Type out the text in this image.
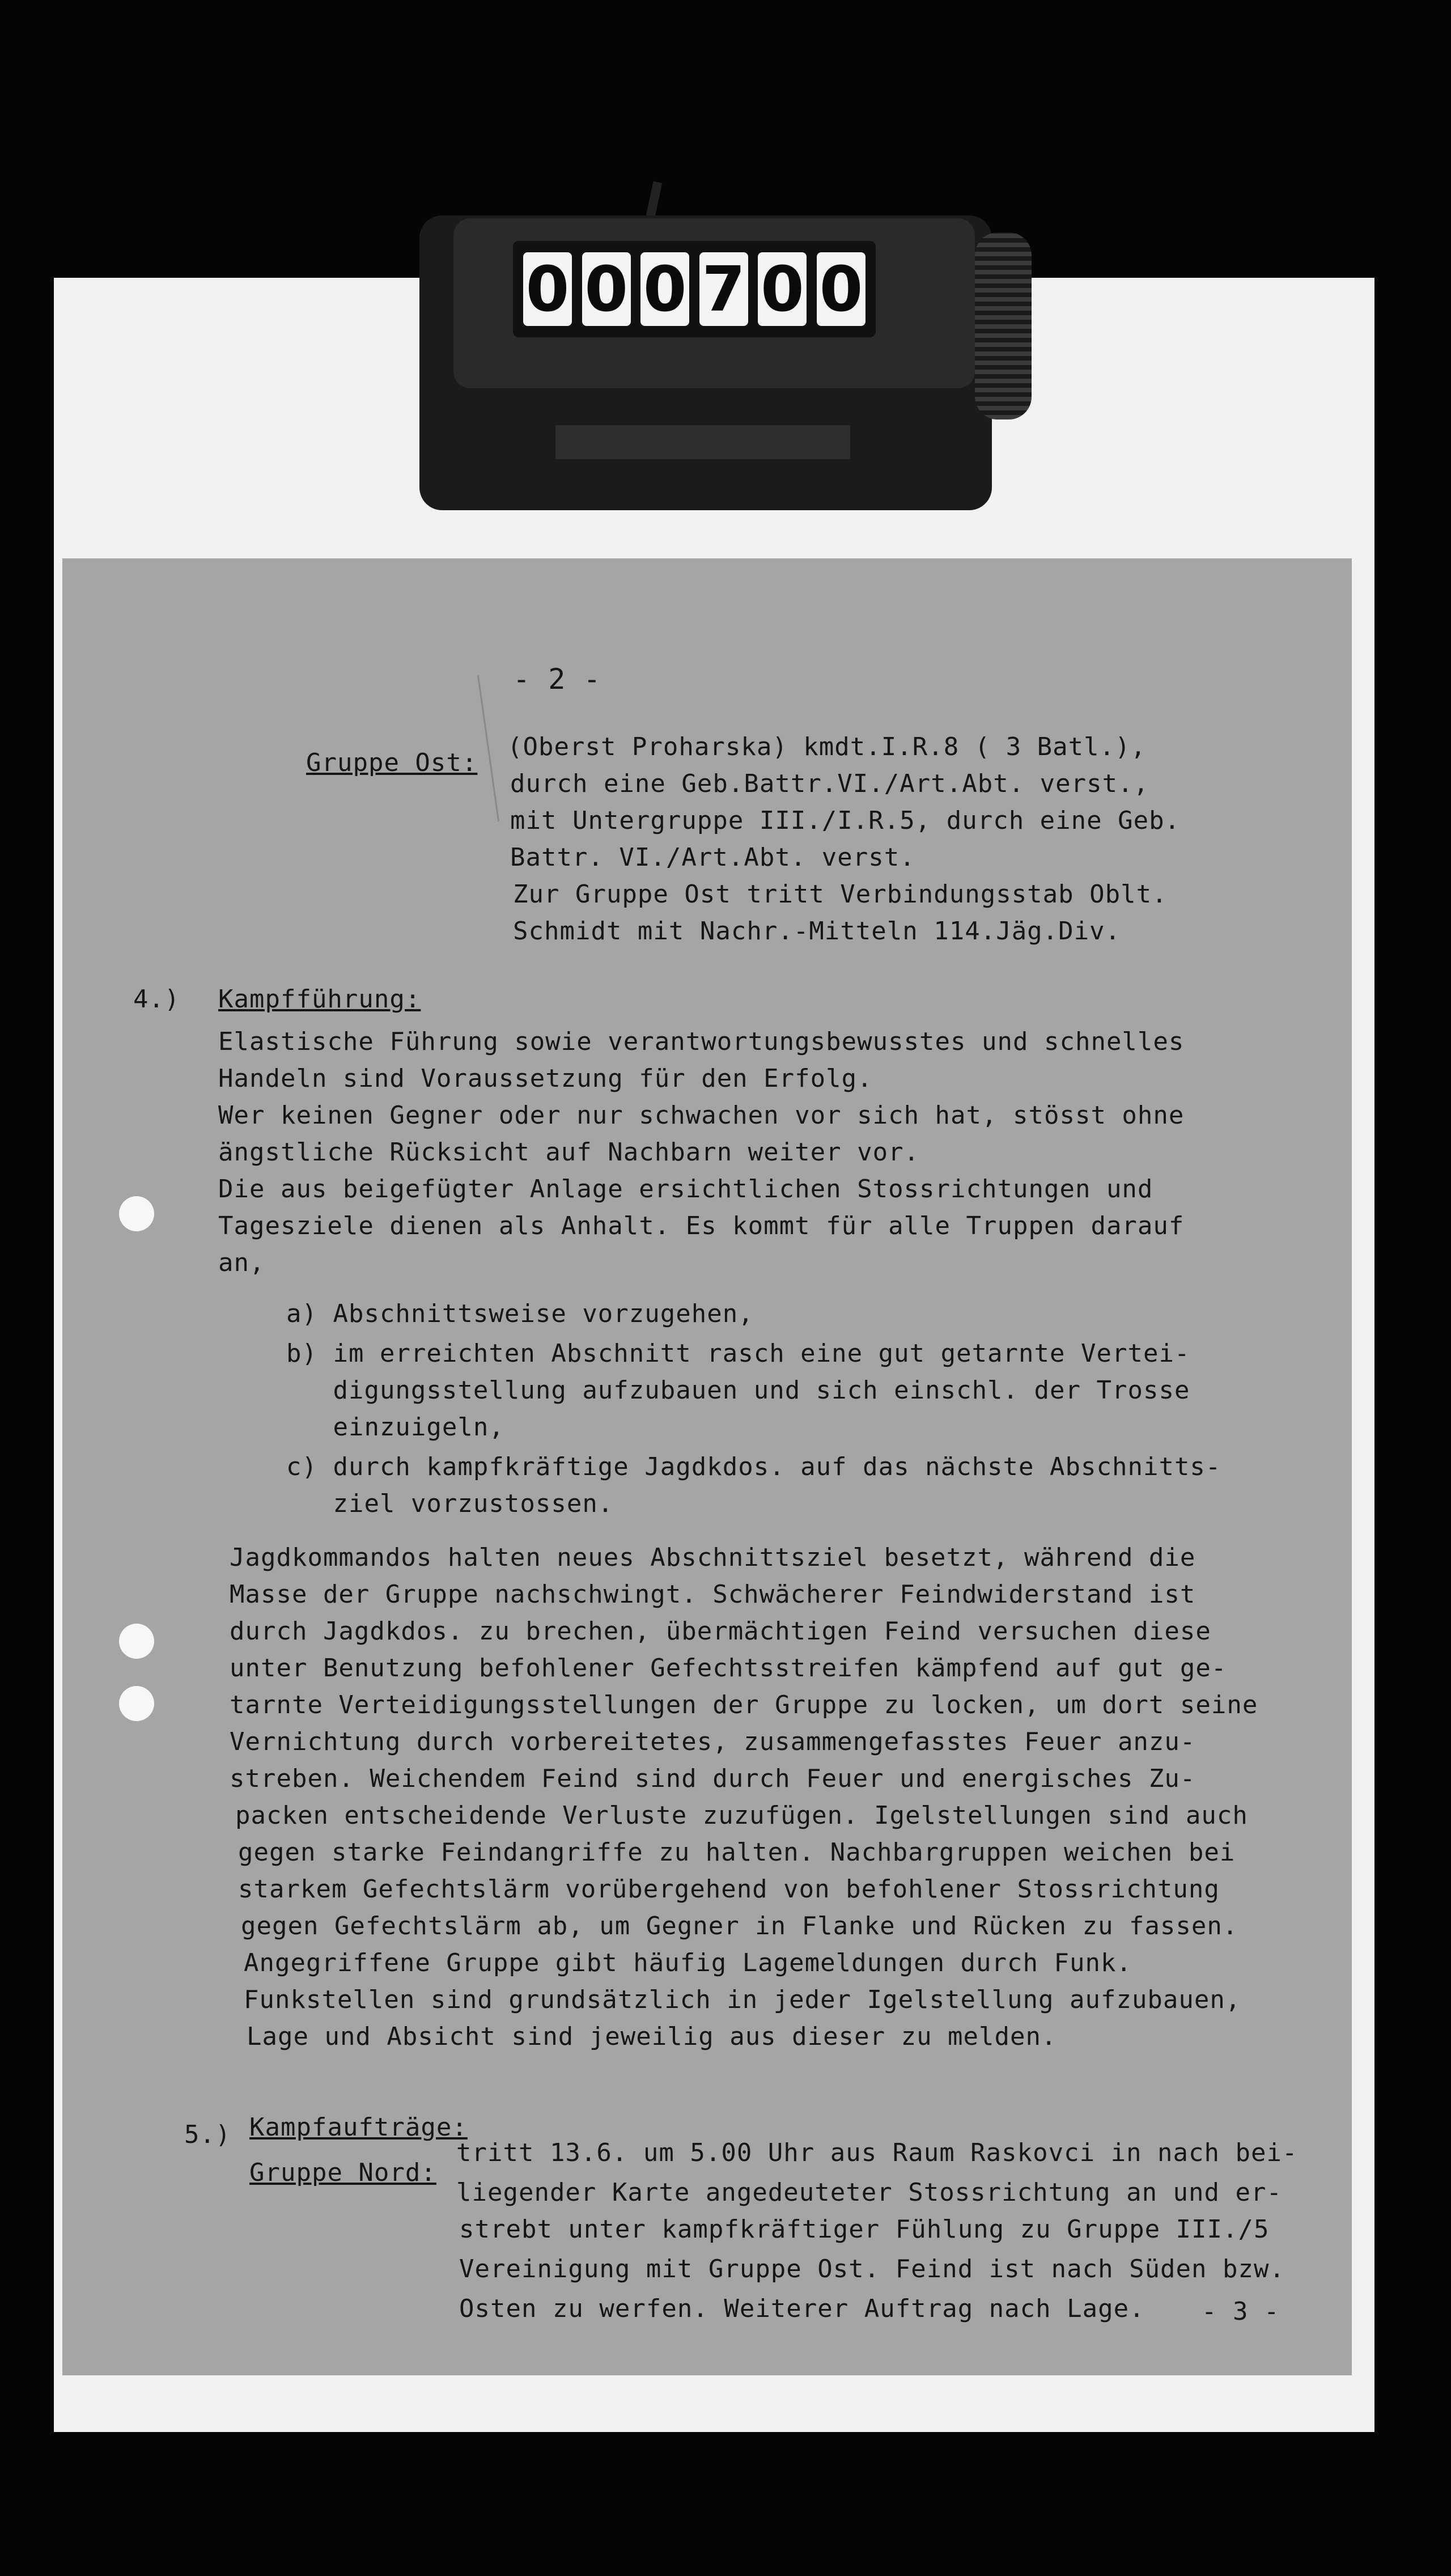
0 0 0 7 0 0
- 2 -
Gruppe Ost:
(Oberst Proharska) kmdt.I.R.8 ( 3 Batl.),
durch eine Geb.Battr.VI./Art.Abt. verst.,
mit Untergruppe III./I.R.5, durch eine Geb.
Battr. VI./Art.Abt. verst.
Zur Gruppe Ost tritt Verbindungsstab Oblt.
Schmidt mit Nachr.-Mitteln 114.Jäg.Div.
4.) Kampfführung:
Elastische Führung sowie verantwortungsbewusstes und schnelles
Handeln sind Voraussetzung für den Erfolg.
Wer keinen Gegner oder nur schwachen vor sich hat, stösst ohne
ängstliche Rücksicht auf Nachbarn weiter vor.
Die aus beigefügter Anlage ersichtlichen Stossrichtungen und
Tagesziele dienen als Anhalt. Es kommt für alle Truppen darauf
an,
a) Abschnittsweise vorzugehen,
b) im erreichten Abschnitt rasch eine gut getarnte Vertei-
digungsstellung aufzubauen und sich einschl. der Trosse
einzuigeln,
c) durch kampfkräftige Jagdkdos. auf das nächste Abschnitts-
ziel vorzustossen.
Jagdkommandos halten neues Abschnittsziel besetzt, während die
Masse der Gruppe nachschwingt. Schwächerer Feindwiderstand ist
durch Jagdkdos. zu brechen, übermächtigen Feind versuchen diese
unter Benutzung befohlener Gefechtsstreifen kämpfend auf gut ge-
tarnte Verteidigungsstellungen der Gruppe zu locken, um dort seine
Vernichtung durch vorbereitetes, zusammengefasstes Feuer anzu-
streben. Weichendem Feind sind durch Feuer und energisches Zu-
packen entscheidende Verluste zuzufügen. Igelstellungen sind auch
gegen starke Feindangriffe zu halten. Nachbargruppen weichen bei
starkem Gefechtslärm vorübergehend von befohlener Stossrichtung
gegen Gefechtslärm ab, um Gegner in Flanke und Rücken zu fassen.
Angegriffene Gruppe gibt häufig Lagemeldungen durch Funk.
Funkstellen sind grundsätzlich in jeder Igelstellung aufzubauen,
Lage und Absicht sind jeweilig aus dieser zu melden.
5.) Kampfaufträge:
Gruppe Nord:
tritt 13.6. um 5.00 Uhr aus Raum Raskovci in nach bei-
liegender Karte angedeuteter Stossrichtung an und er-
strebt unter kampfkräftiger Fühlung zu Gruppe III./5
Vereinigung mit Gruppe Ost. Feind ist nach Süden bzw.
Osten zu werfen. Weiterer Auftrag nach Lage. - 3 -
